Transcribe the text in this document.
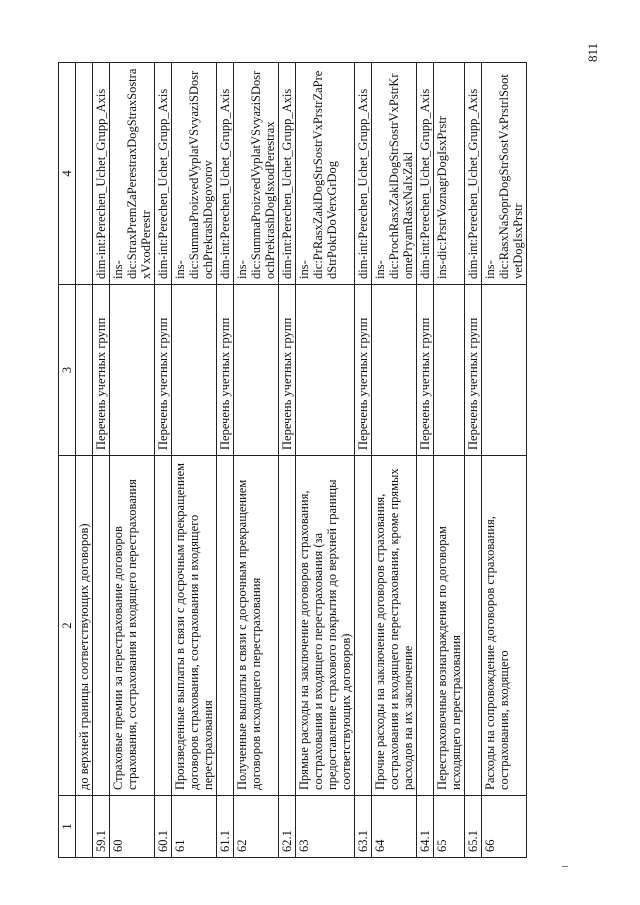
1	2	3	4
	до верхней границы соответствующих договоров)		
59.1		Перечень учетных групп	dim-int:Perechen_Uchet_Grupp_Axis
60	Страховые премии за перестрахование договоров страхования, сострахования и входящего перестрахования		ins-dic:StraxPremZaPerestraxDogStraxSostraxVxodPerestr
60.1		Перечень учетных групп	dim-int:Perechen_Uchet_Grupp_Axis
61	Произведенные выплаты в связи с досрочным прекращением договоров страхования, сострахования и входящего перестрахования		ins-dic:SummaProizvedVyplatVSvyaziSDosrochPrekrashDogovorov
61.1		Перечень учетных групп	dim-int:Perechen_Uchet_Grupp_Axis
62	Полученные выплаты в связи с досрочным прекращением договоров исходящего перестрахования		ins-dic:SummaProizvedVyplatVSvyaziSDosrochPrekrashDogIsxodPerestrax
62.1		Перечень учетных групп	dim-int:Perechen_Uchet_Grupp_Axis
63	Прямые расходы на заключение договоров страхования, сострахования и входящего перестрахования (за предоставление страхового покрытия до верхней границы соответствующих договоров)		ins-dic:PrRasxZaklDogStrSostrVxPrstrZaPredStrPokrDoVerxGrDog
63.1		Перечень учетных групп	dim-int:Perechen_Uchet_Grupp_Axis
64	Прочие расходы на заключение договоров страхования, сострахования и входящего перестрахования, кроме прямых расходов на их заключение		ins-dic:ProchRasxZaklDogStrSostrVxPstrKromePryamRasxNaIxZakl
64.1		Перечень учетных групп	dim-int:Perechen_Uchet_Grupp_Axis
65	Перестраховочные вознаграждения по договорам исходящего перестрахования		ins-dic:PrstrVoznagrDogIsxPrstr
65.1		Перечень учетных групп	dim-int:Perechen_Uchet_Grupp_Axis
66	Расходы на сопровождение договоров страхования, сострахования, входящего		ins-dic:RasxNaSoprDogStrSostVxPrstrlSootvetDogIsxPrstr
811
